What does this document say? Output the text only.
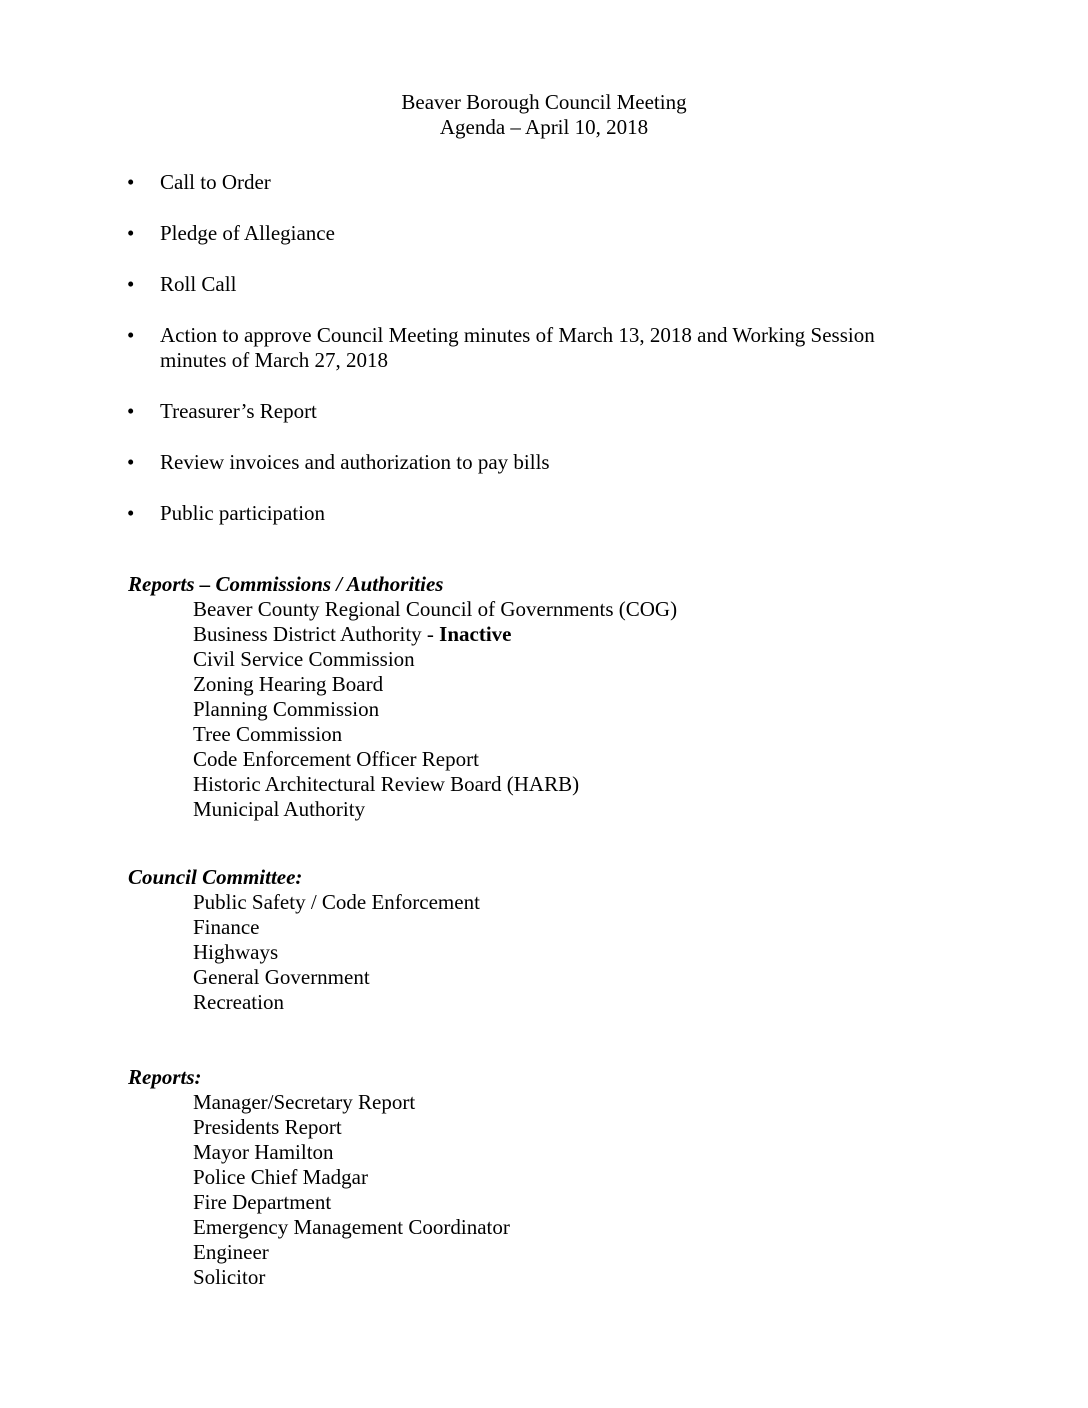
Beaver Borough Council Meeting
Agenda – April 10, 2018
• Call to Order
• Pledge of Allegiance
• Roll Call
• Action to approve Council Meeting minutes of March 13, 2018 and Working Session minutes of March 27, 2018
• Treasurer’s Report
• Review invoices and authorization to pay bills
• Public participation
Reports – Commissions / Authorities
Beaver County Regional Council of Governments (COG)
Business District Authority - Inactive
Civil Service Commission
Zoning Hearing Board
Planning Commission
Tree Commission
Code Enforcement Officer Report
Historic Architectural Review Board (HARB)
Municipal Authority
Council Committee:
Public Safety / Code Enforcement
Finance
Highways
General Government
Recreation
Reports:
Manager/Secretary Report
Presidents Report
Mayor Hamilton
Police Chief Madgar
Fire Department
Emergency Management Coordinator
Engineer
Solicitor
